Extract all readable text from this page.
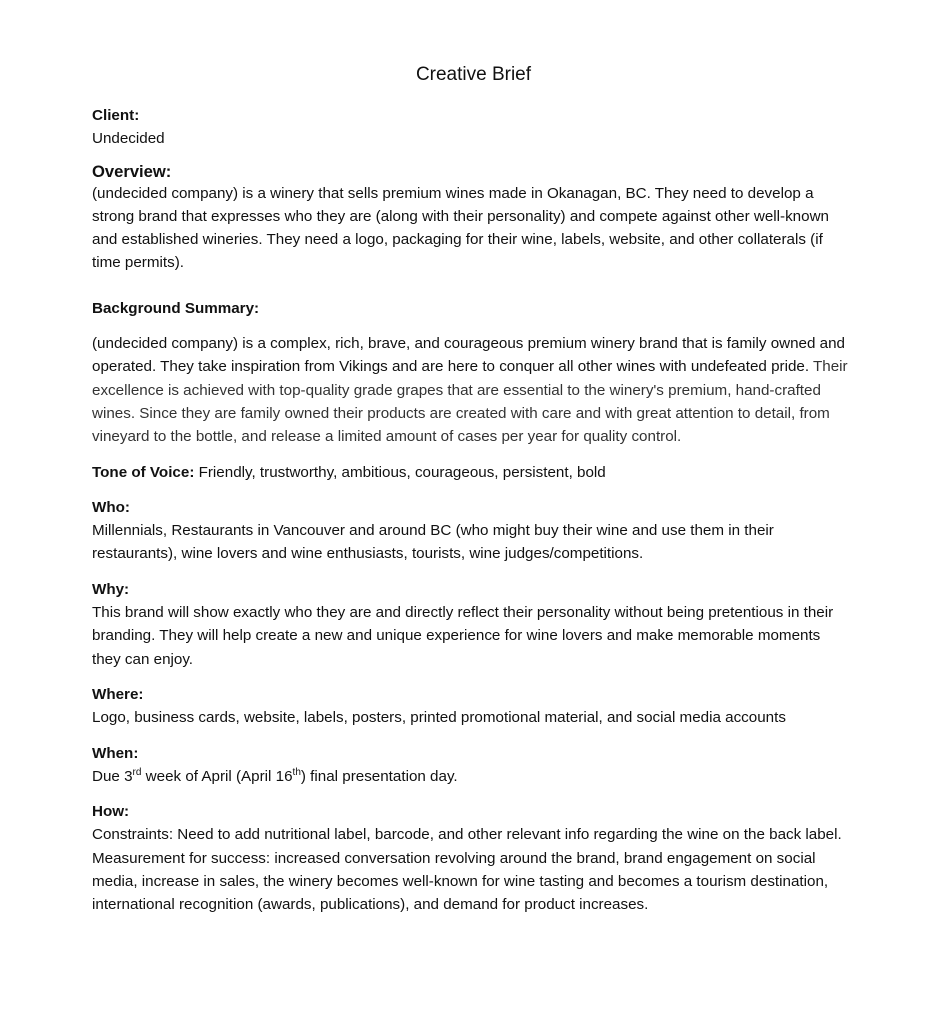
Creative Brief
Client:

Undecided

Overview:

(undecided company) is a winery that sells premium wines made in Okanagan, BC. They need to develop a strong brand that expresses who they are (along with their personality) and compete against other well-known and established wineries. They need a logo, packaging for their wine, labels, website, and other collaterals (if time permits).

Background Summary:

(undecided company) is a complex, rich, brave, and courageous premium winery brand that is family owned and operated. They take inspiration from Vikings and are here to conquer all other wines with undefeated pride. Their excellence is achieved with top-quality grade grapes that are essential to the winery's premium, hand-crafted wines. Since they are family owned their products are created with care and with great attention to detail, from vineyard to the bottle, and release a limited amount of cases per year for quality control.

Tone of Voice: Friendly, trustworthy, ambitious, courageous, persistent, bold

Who:

Millennials, Restaurants in Vancouver and around BC (who might buy their wine and use them in their restaurants), wine lovers and wine enthusiasts, tourists, wine judges/competitions.

Why:

This brand will show exactly who they are and directly reflect their personality without being pretentious in their branding. They will help create a new and unique experience for wine lovers and make memorable moments they can enjoy.

Where:

Logo, business cards, website, labels, posters, printed promotional material, and social media accounts

When:

Due 3rd week of April (April 16th) final presentation day.

How:

Constraints: Need to add nutritional label, barcode, and other relevant info regarding the wine on the back label.

Measurement for success: increased conversation revolving around the brand, brand engagement on social media, increase in sales, the winery becomes well-known for wine tasting and becomes a tourism destination, international recognition (awards, publications), and demand for product increases.
